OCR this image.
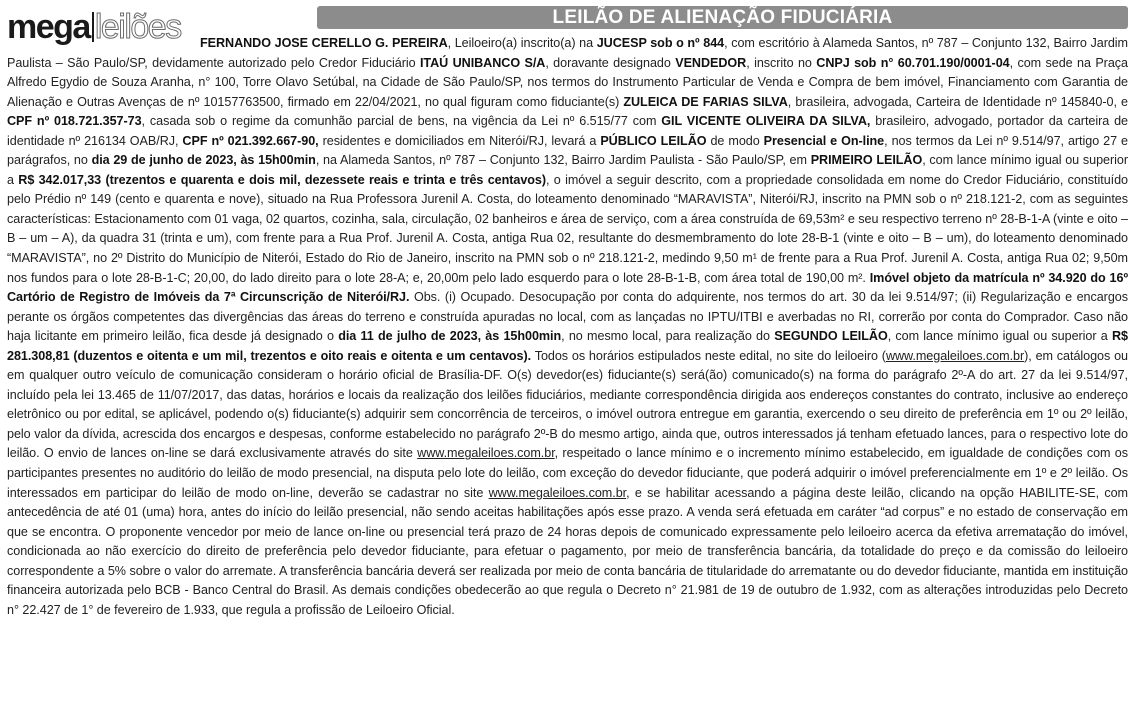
mega leilões	LEILÃO DE ALIENAÇÃO FIDUCIÁRIA
FERNANDO JOSE CERELLO G. PEREIRA, Leiloeiro(a) inscrito(a) na JUCESP sob o nº 844, com escritório à Alameda Santos, nº 787 – Conjunto 132, Bairro Jardim Paulista – São Paulo/SP, devidamente autorizado pelo Credor Fiduciário ITAÚ UNIBANCO S/A, doravante designado VENDEDOR, inscrito no CNPJ sob n° 60.701.190/0001-04, com sede na Praça Alfredo Egydio de Souza Aranha, n° 100, Torre Olavo Setúbal, na Cidade de São Paulo/SP, nos termos do Instrumento Particular de Venda e Compra de bem imóvel, Financiamento com Garantia de Alienação e Outras Avenças de nº 10157763500, firmado em 22/04/2021, no qual figuram como fiduciante(s) ZULEICA DE FARIAS SILVA, brasileira, advogada, Carteira de Identidade nº 145840-0, e CPF nº 018.721.357-73, casada sob o regime da comunhão parcial de bens, na vigência da Lei nº 6.515/77 com GIL VICENTE OLIVEIRA DA SILVA, brasileiro, advogado, portador da carteira de identidade nº 216134 OAB/RJ, CPF nº 021.392.667-90, residentes e domiciliados em Niterói/RJ, levará a PÚBLICO LEILÃO de modo Presencial e On-line, nos termos da Lei nº 9.514/97, artigo 27 e parágrafos, no dia 29 de junho de 2023, às 15h00min, na Alameda Santos, nº 787 – Conjunto 132, Bairro Jardim Paulista - São Paulo/SP, em PRIMEIRO LEILÃO, com lance mínimo igual ou superior a R$ 342.017,33 (trezentos e quarenta e dois mil, dezessete reais e trinta e três centavos), o imóvel a seguir descrito, com a propriedade consolidada em nome do Credor Fiduciário, constituído pelo Prédio nº 149 (cento e quarenta e nove), situado na Rua Professora Jurenil A. Costa, do loteamento denominado “MARAVISTA”, Niterói/RJ, inscrito na PMN sob o nº 218.121-2, com as seguintes características: Estacionamento com 01 vaga, 02 quartos, cozinha, sala, circulação, 02 banheiros e área de serviço, com a área construída de 69,53m² e seu respectivo terreno nº 28-B-1-A (vinte e oito – B – um – A), da quadra 31 (trinta e um), com frente para a Rua Prof. Jurenil A. Costa, antiga Rua 02, resultante do desmembramento do lote 28-B-1 (vinte e oito – B – um), do loteamento denominado “MARAVISTA”, no 2º Distrito do Município de Niterói, Estado do Rio de Janeiro, inscrito na PMN sob o nº 218.121-2, medindo 9,50 m¹ de frente para a Rua Prof. Jurenil A. Costa, antiga Rua 02; 9,50m nos fundos para o lote 28-B-1-C; 20,00, do lado direito para o lote 28-A; e, 20,00m pelo lado esquerdo para o lote 28-B-1-B, com área total de 190,00 m². Imóvel objeto da matrícula nº 34.920 do 16º Cartório de Registro de Imóveis da 7ª Circunscrição de Niterói/RJ. Obs. (i) Ocupado. Desocupação por conta do adquirente, nos termos do art. 30 da lei 9.514/97; (ii) Regularização e encargos perante os órgãos competentes das divergências das áreas do terreno e construída apuradas no local, com as lançadas no IPTU/ITBI e averbadas no RI, correrão por conta do Comprador. Caso não haja licitante em primeiro leilão, fica desde já designado o dia 11 de julho de 2023, às 15h00min, no mesmo local, para realização do SEGUNDO LEILÃO, com lance mínimo igual ou superior a R$ 281.308,81 (duzentos e oitenta e um mil, trezentos e oito reais e oitenta e um centavos). Todos os horários estipulados neste edital, no site do leiloeiro (www.megaleiloes.com.br), em catálogos ou em qualquer outro veículo de comunicação consideram o horário oficial de Brasília-DF. O(s) devedor(es) fiduciante(s) será(ão) comunicado(s) na forma do parágrafo 2º-A do art. 27 da lei 9.514/97, incluído pela lei 13.465 de 11/07/2017, das datas, horários e locais da realização dos leilões fiduciários, mediante correspondência dirigida aos endereços constantes do contrato, inclusive ao endereço eletrônico ou por edital, se aplicável, podendo o(s) fiduciante(s) adquirir sem concorrência de terceiros, o imóvel outrora entregue em garantia, exercendo o seu direito de preferência em 1º ou 2º leilão, pelo valor da dívida, acrescida dos encargos e despesas, conforme estabelecido no parágrafo 2º-B do mesmo artigo, ainda que, outros interessados já tenham efetuado lances, para o respectivo lote do leilão. O envio de lances on-line se dará exclusivamente através do site www.megaleiloes.com.br, respeitado o lance mínimo e o incremento mínimo estabelecido, em igualdade de condições com os participantes presentes no auditório do leilão de modo presencial, na disputa pelo lote do leilão, com exceção do devedor fiduciante, que poderá adquirir o imóvel preferencialmente em 1º e 2º leilão. Os interessados em participar do leilão de modo on-line, deverão se cadastrar no site www.megaleiloes.com.br, e se habilitar acessando a página deste leilão, clicando na opção HABILITE-SE, com antecedência de até 01 (uma) hora, antes do início do leilão presencial, não sendo aceitas habilitações após esse prazo. A venda será efetuada em caráter “ad corpus” e no estado de conservação em que se encontra. O proponente vencedor por meio de lance on-line ou presencial terá prazo de 24 horas depois de comunicado expressamente pelo leiloeiro acerca da efetiva arrematação do imóvel, condicionada ao não exercício do direito de preferência pelo devedor fiduciante, para efetuar o pagamento, por meio de transferência bancária, da totalidade do preço e da comissão do leiloeiro correspondente a 5% sobre o valor do arremate. A transferência bancária deverá ser realizada por meio de conta bancária de titularidade do arrematante ou do devedor fiduciante, mantida em instituição financeira autorizada pelo BCB - Banco Central do Brasil. As demais condições obedecerão ao que regula o Decreto n° 21.981 de 19 de outubro de 1.932, com as alterações introduzidas pelo Decreto n° 22.427 de 1° de fevereiro de 1.933, que regula a profissão de Leiloeiro Oficial.
